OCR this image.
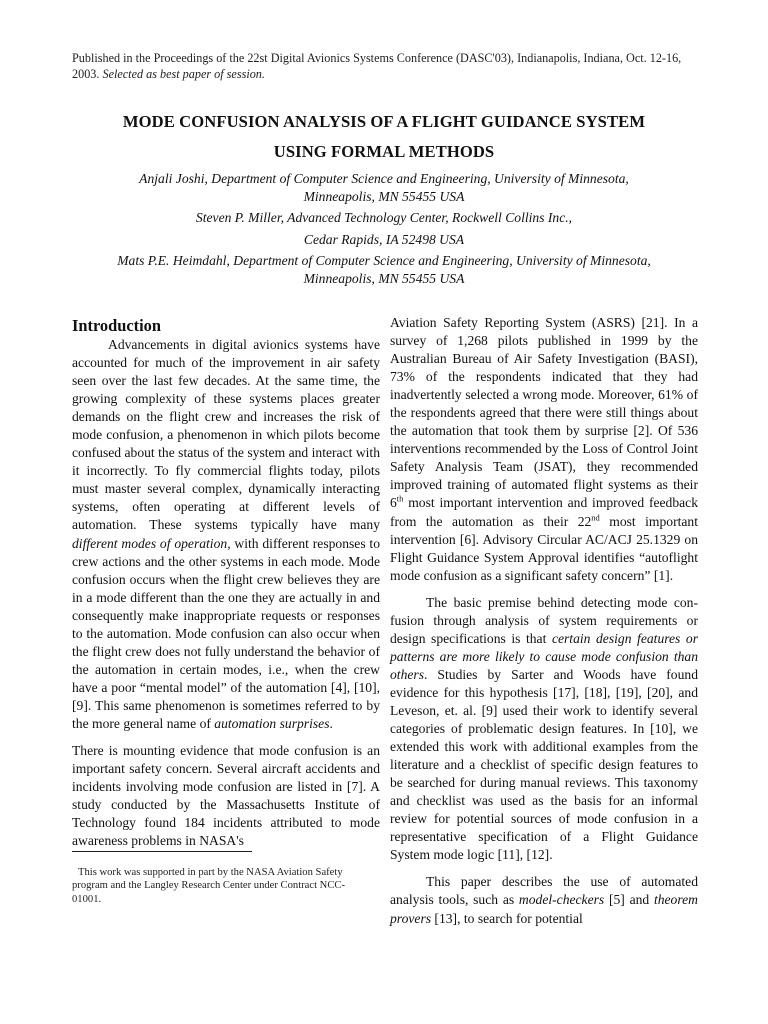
Published in the Proceedings of the 22st Digital Avionics Systems Conference (DASC'03), Indianapolis, Indiana, Oct. 12-16, 2003. Selected as best paper of session.
MODE CONFUSION ANALYSIS OF A FLIGHT GUIDANCE SYSTEM
USING FORMAL METHODS
Anjali Joshi, Department of Computer Science and Engineering, University of Minnesota,
Minneapolis, MN 55455 USA
Steven P. Miller, Advanced Technology Center, Rockwell Collins Inc.,
Cedar Rapids, IA 52498 USA
Mats P.E. Heimdahl, Department of Computer Science and Engineering, University of Minnesota,
Minneapolis, MN 55455 USA
Introduction

Advancements in digital avionics systems have accounted for much of the improvement in air safety seen over the last few decades. At the same time, the growing complexity of these systems places greater demands on the flight crew and increases the risk of mode confusion, a phenomenon in which pilots become confused about the status of the system and interact with it incorrectly. To fly commercial flights today, pilots must master several complex, dynamically interacting systems, often operating at different levels of automation. These systems typically have many different modes of operation, with different responses to crew actions and the other systems in each mode. Mode confusion occurs when the flight crew believes they are in a mode different than the one they are actually in and consequently make inappropriate requests or responses to the automation. Mode confusion can also occur when the flight crew does not fully understand the behavior of the automation in certain modes, i.e., when the crew have a poor “mental model” of the automation [4], [10], [9]. This same phenomenon is sometimes referred to by the more general name of automation surprises.

There is mounting evidence that mode confusion is an important safety concern. Several aircraft accidents and incidents involving mode confusion are listed in [7]. A study conducted by the Massachusetts Institute of Technology found 184 incidents attributed to mode awareness problems in NASA's

Aviation Safety Reporting System (ASRS) [21]. In a survey of 1,268 pilots published in 1999 by the Australian Bureau of Air Safety Investigation (BASI), 73% of the respondents indicated that they had inadvertently selected a wrong mode. Moreover, 61% of the respondents agreed that there were still things about the automation that took them by surprise [2]. Of 536 interventions recommended by the Loss of Control Joint Safety Analysis Team (JSAT), they recommended improved training of automated flight systems as their 6th most important intervention and improved feedback from the automation as their 22nd most important intervention [6]. Advisory Circular AC/ACJ 25.1329 on Flight Guidance System Approval identifies “autoflight mode confusion as a significant safety concern” [1].

The basic premise behind detecting mode confusion through analysis of system requirements or design specifications is that certain design features or patterns are more likely to cause mode confusion than others. Studies by Sarter and Woods have found evidence for this hypothesis [17], [18], [19], [20], and Leveson, et. al. [9] used their work to identify several categories of problematic design features. In [10], we extended this work with additional examples from the literature and a checklist of specific design features to be searched for during manual reviews. This taxonomy and checklist was used as the basis for an informal review for potential sources of mode confusion in a representative specification of a Flight Guidance System mode logic [11], [12].

This paper describes the use of automated analysis tools, such as model-checkers [5] and theorem provers [13], to search for potential

This work was supported in part by the NASA Aviation Safety program and the Langley Research Center under Contract NCC-01001.
